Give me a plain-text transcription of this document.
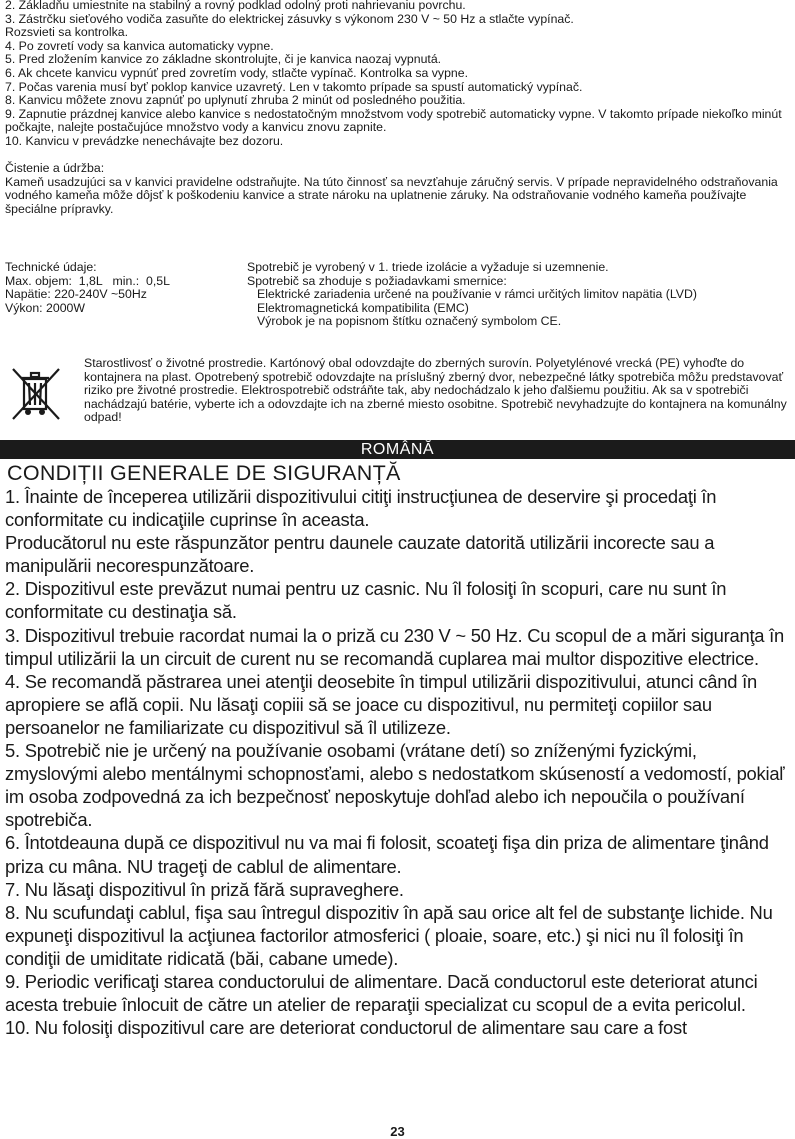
2. Základňu umiestnite na stabilný a rovný podklad odolný proti nahrievaniu povrchu.

3. Zástrčku sieťového vodiča zasuňte do elektrickej zásuvky s výkonom 230 V ~ 50 Hz a stlačte vypínač.

Rozsvieti sa kontrolka.

4. Po zovretí vody sa kanvica automaticky vypne.

5. Pred zložením kanvice zo základne skontrolujte, či je kanvica naozaj vypnutá.

6. Ak chcete kanvicu vypnúť pred zovretím vody, stlačte vypínač. Kontrolka sa vypne.

7. Počas varenia musí byť poklop kanvice uzavretý. Len v takomto prípade sa spustí automatický vypínač.

8. Kanvicu môžete znovu zapnúť po uplynutí zhruba 2 minút od posledného použitia.

9. Zapnutie prázdnej kanvice alebo kanvice s nedostatočným množstvom vody spotrebič automaticky vypne. V takomto prípade niekoľko minút počkajte, nalejte postačujúce množstvo vody a kanvicu znovu zapnite.

10. Kanvicu v prevádzke nenechávajte bez dozoru.

Čistenie a údržba:

Kameň usadzujúci sa v kanvici pravidelne odstraňujte. Na túto činnosť sa nevzťahuje záručný servis. V prípade nepravidelného odstraňovania vodného kameňa môže dôjsť k poškodeniu kanvice a strate nároku na uplatnenie záruky. Na odstraňovanie vodného kameňa používajte špeciálne prípravky.

Technické údaje:

Max. objem:  1,8L   min.:  0,5L

Napätie: 220-240V ~50Hz

Výkon: 2000W

Spotrebič je vyrobený v 1. triede izolácie a vyžaduje si uzemnenie.

Spotrebič sa zhoduje s požiadavkami smernice:

Elektrické zariadenia určené na používanie v rámci určitých limitov napätia (LVD)

Elektromagnetická kompatibilita (EMC)

Výrobok je na popisnom štítku označený symbolom CE.

Starostlivosť o životné prostredie. Kartónový obal odovzdajte do zberných surovín. Polyetylénové vrecká (PE) vyhoďte do kontajnera na plast. Opotrebený spotrebič odovzdajte na príslušný zberný dvor, nebezpečné látky spotrebiča môžu predstavovať riziko pre životné prostredie. Elektrospotrebič odstráňte tak, aby nedochádzalo k jeho ďalšiemu použitiu. Ak sa v spotrebiči nachádzajú batérie, vyberte ich a odovzdajte ich na zberné miesto osobitne. Spotrebič nevyhadzujte do kontajnera na komunálny odpad!
ROMÂNĂ
CONDIȚII GENERALE DE SIGURANȚĂ

1. Înainte de începerea utilizării dispozitivului citiţi instrucţiunea de deservire şi procedaţi în conformitate cu indicaţiile cuprinse în aceasta.

Producătorul nu este răspunzător pentru daunele cauzate datorită utilizării incorecte sau a manipulării necorespunzătoare.

2. Dispozitivul este prevăzut numai pentru uz casnic. Nu îl folosiţi în scopuri, care nu sunt în conformitate cu destinaţia să.

3. Dispozitivul trebuie racordat numai la o priză cu 230 V ~ 50 Hz. Cu scopul de a mări siguranţa în timpul utilizării la un circuit de curent nu se recomandă cuplarea mai multor dispozitive electrice.

4. Se recomandă păstrarea unei atenţii deosebite în timpul utilizării dispozitivului, atunci când în apropiere se află copii. Nu lăsaţi copiii să se joace cu dispozitivul, nu permiteţi copiilor sau persoanelor ne familiarizate cu dispozitivul să îl utilizeze.

5. Spotrebič nie je určený na používanie osobami (vrátane detí) so zníženými fyzickými, zmyslovými alebo mentálnymi schopnosťami, alebo s nedostatkom skúseností a vedomostí, pokiaľ im osoba zodpovedná za ich bezpečnosť neposkytuje dohľad alebo ich nepoučila o používaní spotrebiča.

6. Întotdeauna după ce dispozitivul nu va mai fi folosit, scoateţi fişa din priza de alimentare ţinând priza cu mâna. NU trageţi de cablul de alimentare.

7. Nu lăsaţi dispozitivul în priză fără supraveghere.

8. Nu scufundaţi cablul, fişa sau întregul dispozitiv în apă sau orice alt fel de substanţe lichide. Nu expuneţi dispozitivul la acţiunea factorilor atmosferici ( ploaie, soare, etc.) şi nici nu îl folosiţi în condiţii de umiditate ridicată (băi, cabane umede).

9. Periodic verificaţi starea conductorului de alimentare. Dacă conductorul este deteriorat atunci acesta trebuie înlocuit de către un atelier de reparaţii specializat cu scopul de a evita pericolul.

10. Nu folosiţi dispozitivul care are deteriorat conductorul de alimentare sau care a fost

23
